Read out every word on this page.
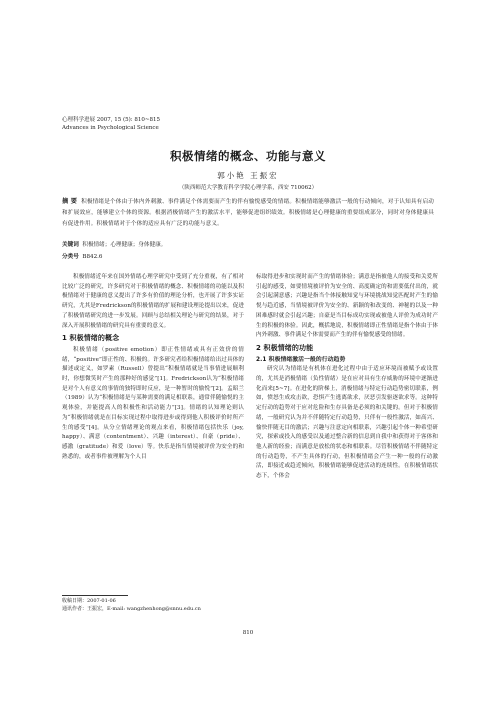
心理科学进展 2007, 15 (5): 810~815
Advances in Psychological Science
积极情绪的概念、功能与意义
郭小艳 王振宏
（陕西师范大学教育科学学院心理学系，西安 710062）
摘 要 积极情绪是个体由于体内外刺激、事件满足个体需要而产生的伴有愉悦感受的情绪。积极情绪能够激活一般的行动倾向，对于认知具有启动和扩展效应，能够建立个体的资源。根据消极情绪产生的激活水平，能够促进组织绩效。积极情绪是心理健康的重要组成部分，同时对身体健康具有促进作用。积极情绪对于个体的适应具有广泛的功能与意义。
关键词 积极情绪；心理健康；身体健康。
分类号 B842.6

积极情绪近年来在国外情绪心理学研究中受到了充分重视，有了相对比较广泛的研究，许多研究对于积极情绪的概念、积极情绪的功能以及积极情绪对于健康的意义提出了许多有价值的理论分析，也开展了许多实证研究，尤其是Fredrickson的积极情绪的扩展和建设理论提出以来，促进了积极情绪研究的进一步发展。回顾与总结相关理论与研究的结果，对于深入开展积极情绪的研究具有重要的意义。

1 积极情绪的概念

积极情绪（positive emotion）即正性情绪或具有正效价的情绪，“positive”即正性的、积极的。许多研究者给积极情绪给出过具体的描述或定义，如罗素（Russell）曾提出“积极情绪就是当事情进展顺利时，你想微笑时产生的那种好的感觉”[1]。Fredrickson认为“积极情绪是对个人有意义的事情的独特即时反应，是一种暂时的愉悦”[2]。孟昭兰（1989）认为“积极情绪是与某种需要的满足相联系，通常伴随愉悦的主观体验，并能提高人的积极性和活动能力”[3]。情绪的认知理论则认为“积极情绪就是在目标实现过程中取得进步或得到他人积极评价时所产生的感受”[4]。从分立情绪理论的观点来看，积极情绪包括快乐（joy, happy）、满意（contentment）、兴趣（interest）、自豪（pride）、感激（gratitude）和爱（love）等。快乐是指当情境被评价为安全的和熟悉的，或者事件被理解为个人目

标取得进步和实现时而产生的情绪体验；满意是指被他人的接受和关爱所引起的感受，如要情境被评价为安全的、高度确定的和需要低付出的，就会引起满意感；兴趣是指当个体接触知觉与环境挑战知觉匹配时产生的愉悦与趋近感，当情境被评价为安全的、新颖的和改变的、神秘的以及一种困难感时就会引起兴趣；自豪是当目标成功实现或被他人评价为成功时产生的积极的体验。因此，概括地说，积极情绪即正性情绪是指个体由于体内外刺激、事件满足个体需要而产生的伴有愉悦感受的情绪。

2 积极情绪的功能
2.1 积极情绪激活一般的行动趋势

研究认为情绪是有机体在进化过程中由于适应环境而被赋予或设置的，尤其是消极情绪（负性情绪）是在应对具有生存威胁的环境中逐渐进化而来[5~7]。在进化的阶梯上，消极情绪与特定行动趋势密切联系，例如，愤怒生成攻击欲，恐惧产生逃离欲求，厌恶引发驱逐欲求等。这种特定行动的趋势对于应对危险和生存具备是必须的和关键的。但对于积极情绪，一般研究认为并不伴随特定行动趋势，只伴有一般性激活，如高兴、愉快伴随无目的激活；兴趣与注意定向相联系，兴趣引起个体一种希望研究，探索或投入的感受以及通过整合新的信息到自我中和获得对于客体和他人新的经验；而满意是放松的状态和相联系。尽管积极情绪不伴随特定的行动趋势，不产生具体的行动，但积极情绪会产生一种一般的行动激活，即接近或趋近倾向，积极情绪能够促进活动的连续性。在积极情绪状态下，个体会

收稿日期：2007-01-06
通讯作者：王振宏，E-mail: wangzhenhong@snnu.edu.cn
810
